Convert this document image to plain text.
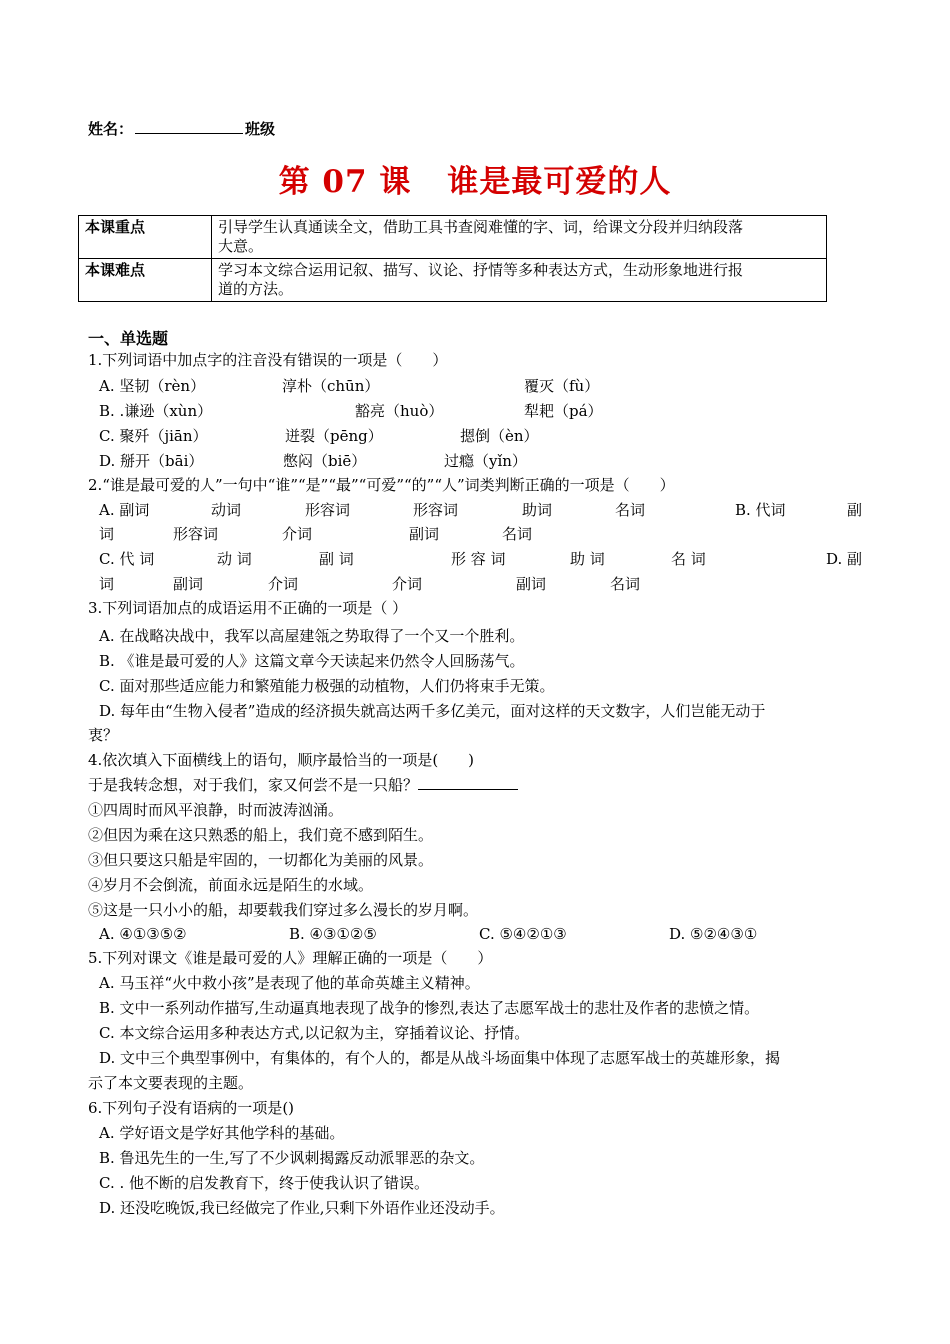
姓名：	班级
第 07 课 谁是最可爱的人
本课重点	引导学生认真通读全文，借助工具书查阅难懂的字、词，给课文分段并归纳段落
大意。
本课难点	学习本文综合运用记叙、描写、议论、抒情等多种表达方式，生动形象地进行报
道的方法。
一、单选题
1.下列词语中加点字的注音没有错误的一项是（　　）
A. 坚韧（rèn）	淳朴（chūn）	覆灭（fù）
B. .谦逊（xùn）	豁亮（huò）	犁耙（pá）
C. 聚歼（jiān）	迸裂（pēng）	摁倒（èn）
D. 掰开（bāi）	憋闷（biē）	过瘾（yǐn）
2.“谁是最可爱的人”一句中“谁”“是”“最”“可爱”“的”“人”词类判断正确的一项是（　　）
A. 副词	动词	形容词	形容词	助词	名词	B. 代词	副
词	形容词	介词	副词	名词
C. 代 词	动 词	副 词	形 容 词	助 词	名 词	D. 副
词	副词	介词	介词	副词	名词
3.下列词语加点的成语运用不正确的一项是（ ）
A. 在战略决战中，我军以高屋建瓴之势取得了一个又一个胜利。
B. 《谁是最可爱的人》这篇文章今天读起来仍然令人回肠荡气。
C. 面对那些适应能力和繁殖能力极强的动植物，人们仍将束手无策。
D. 每年由“生物入侵者”造成的经济损失就高达两千多亿美元，面对这样的天文数字，人们岂能无动于
衷？
4.依次填入下面横线上的语句，顺序最恰当的一项是(　　)
于是我转念想，对于我们，家又何尝不是一只船？
①四周时而风平浪静，时而波涛汹涌。
②但因为乘在这只熟悉的船上，我们竟不感到陌生。
③但只要这只船是牢固的，一切都化为美丽的风景。
④岁月不会倒流，前面永远是陌生的水域。
⑤这是一只小小的船，却要载我们穿过多么漫长的岁月啊。
A. ④①③⑤②	B. ④③①②⑤	C. ⑤④②①③	D. ⑤②④③①
5.下列对课文《谁是最可爱的人》理解正确的一项是（　　）
A. 马玉祥“火中救小孩”是表现了他的革命英雄主义精神。
B. 文中一系列动作描写,生动逼真地表现了战争的惨烈,表达了志愿军战士的悲壮及作者的悲愤之情。
C. 本文综合运用多种表达方式,以记叙为主，穿插着议论、抒情。
D. 文中三个典型事例中，有集体的，有个人的，都是从战斗场面集中体现了志愿军战士的英雄形象，揭
示了本文要表现的主题。
6.下列句子没有语病的一项是()
A. 学好语文是学好其他学科的基础。
B. 鲁迅先生的一生,写了不少讽刺揭露反动派罪恶的杂文。
C. . 他不断的启发教育下，终于使我认识了错误。
D. 还没吃晚饭,我已经做完了作业,只剩下外语作业还没动手。
